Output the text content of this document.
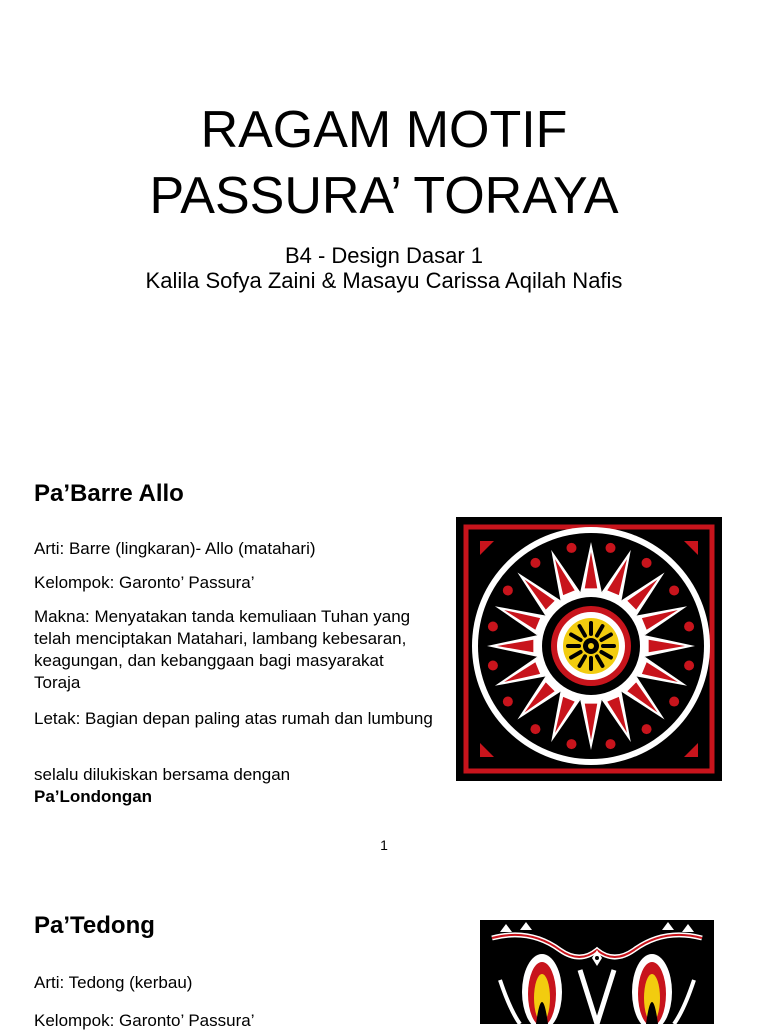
RAGAM MOTIF
PASSURA’ TORAYA
B4 - Design Dasar 1
Kalila Sofya Zaini & Masayu Carissa Aqilah Nafis
Pa’Barre Allo
Arti: Barre (lingkaran)- Allo (matahari)
Kelompok: Garonto’ Passura’
Makna: Menyatakan tanda kemuliaan Tuhan yang telah menciptakan Matahari, lambang kebesaran, keagungan, dan kebanggaan bagi masyarakat Toraja
Letak: Bagian depan paling atas rumah dan lumbung
selalu dilukiskan bersama dengan
Pa’Londongan
1
Pa’Tedong
Arti: Tedong (kerbau)
Kelompok: Garonto’ Passura’
